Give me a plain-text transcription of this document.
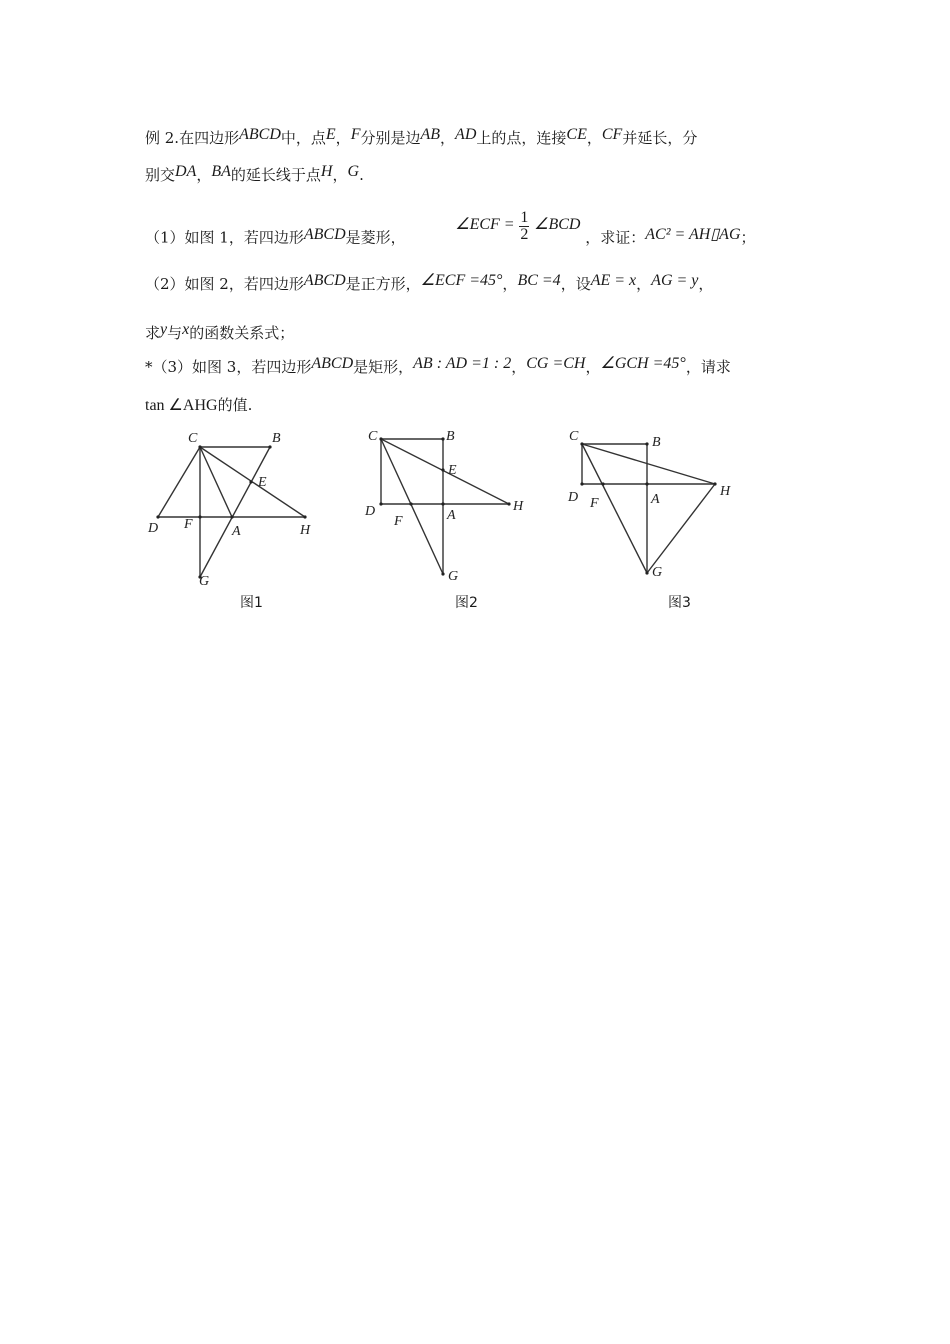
例 2.在四边形ABCD中，点E，F分别是边AB，AD上的点，连接CE，CF并延长，分
别交DA，BA的延长线于点H，G.
（1）如图 1，若四边形ABCD是菱形，  ∠ECF = $\frac{1}{2}$ ∠BCD ，求证：AC² = AH▯AG；
（2）如图 2，若四边形ABCD是正方形，∠ECF =45°，BC =4，设AE = x，AG = y，
求y与x的函数关系式；
*（3）如图 3，若四边形ABCD是矩形，AB : AD =1 : 2，CG =CH，∠GCH =45°，请求
tan ∠AHG的值.
C	B
E
D F	A	H
G
图1
C	B
E
D
F	A
H
G
图2
C	B
D F	A
H
G
图3
